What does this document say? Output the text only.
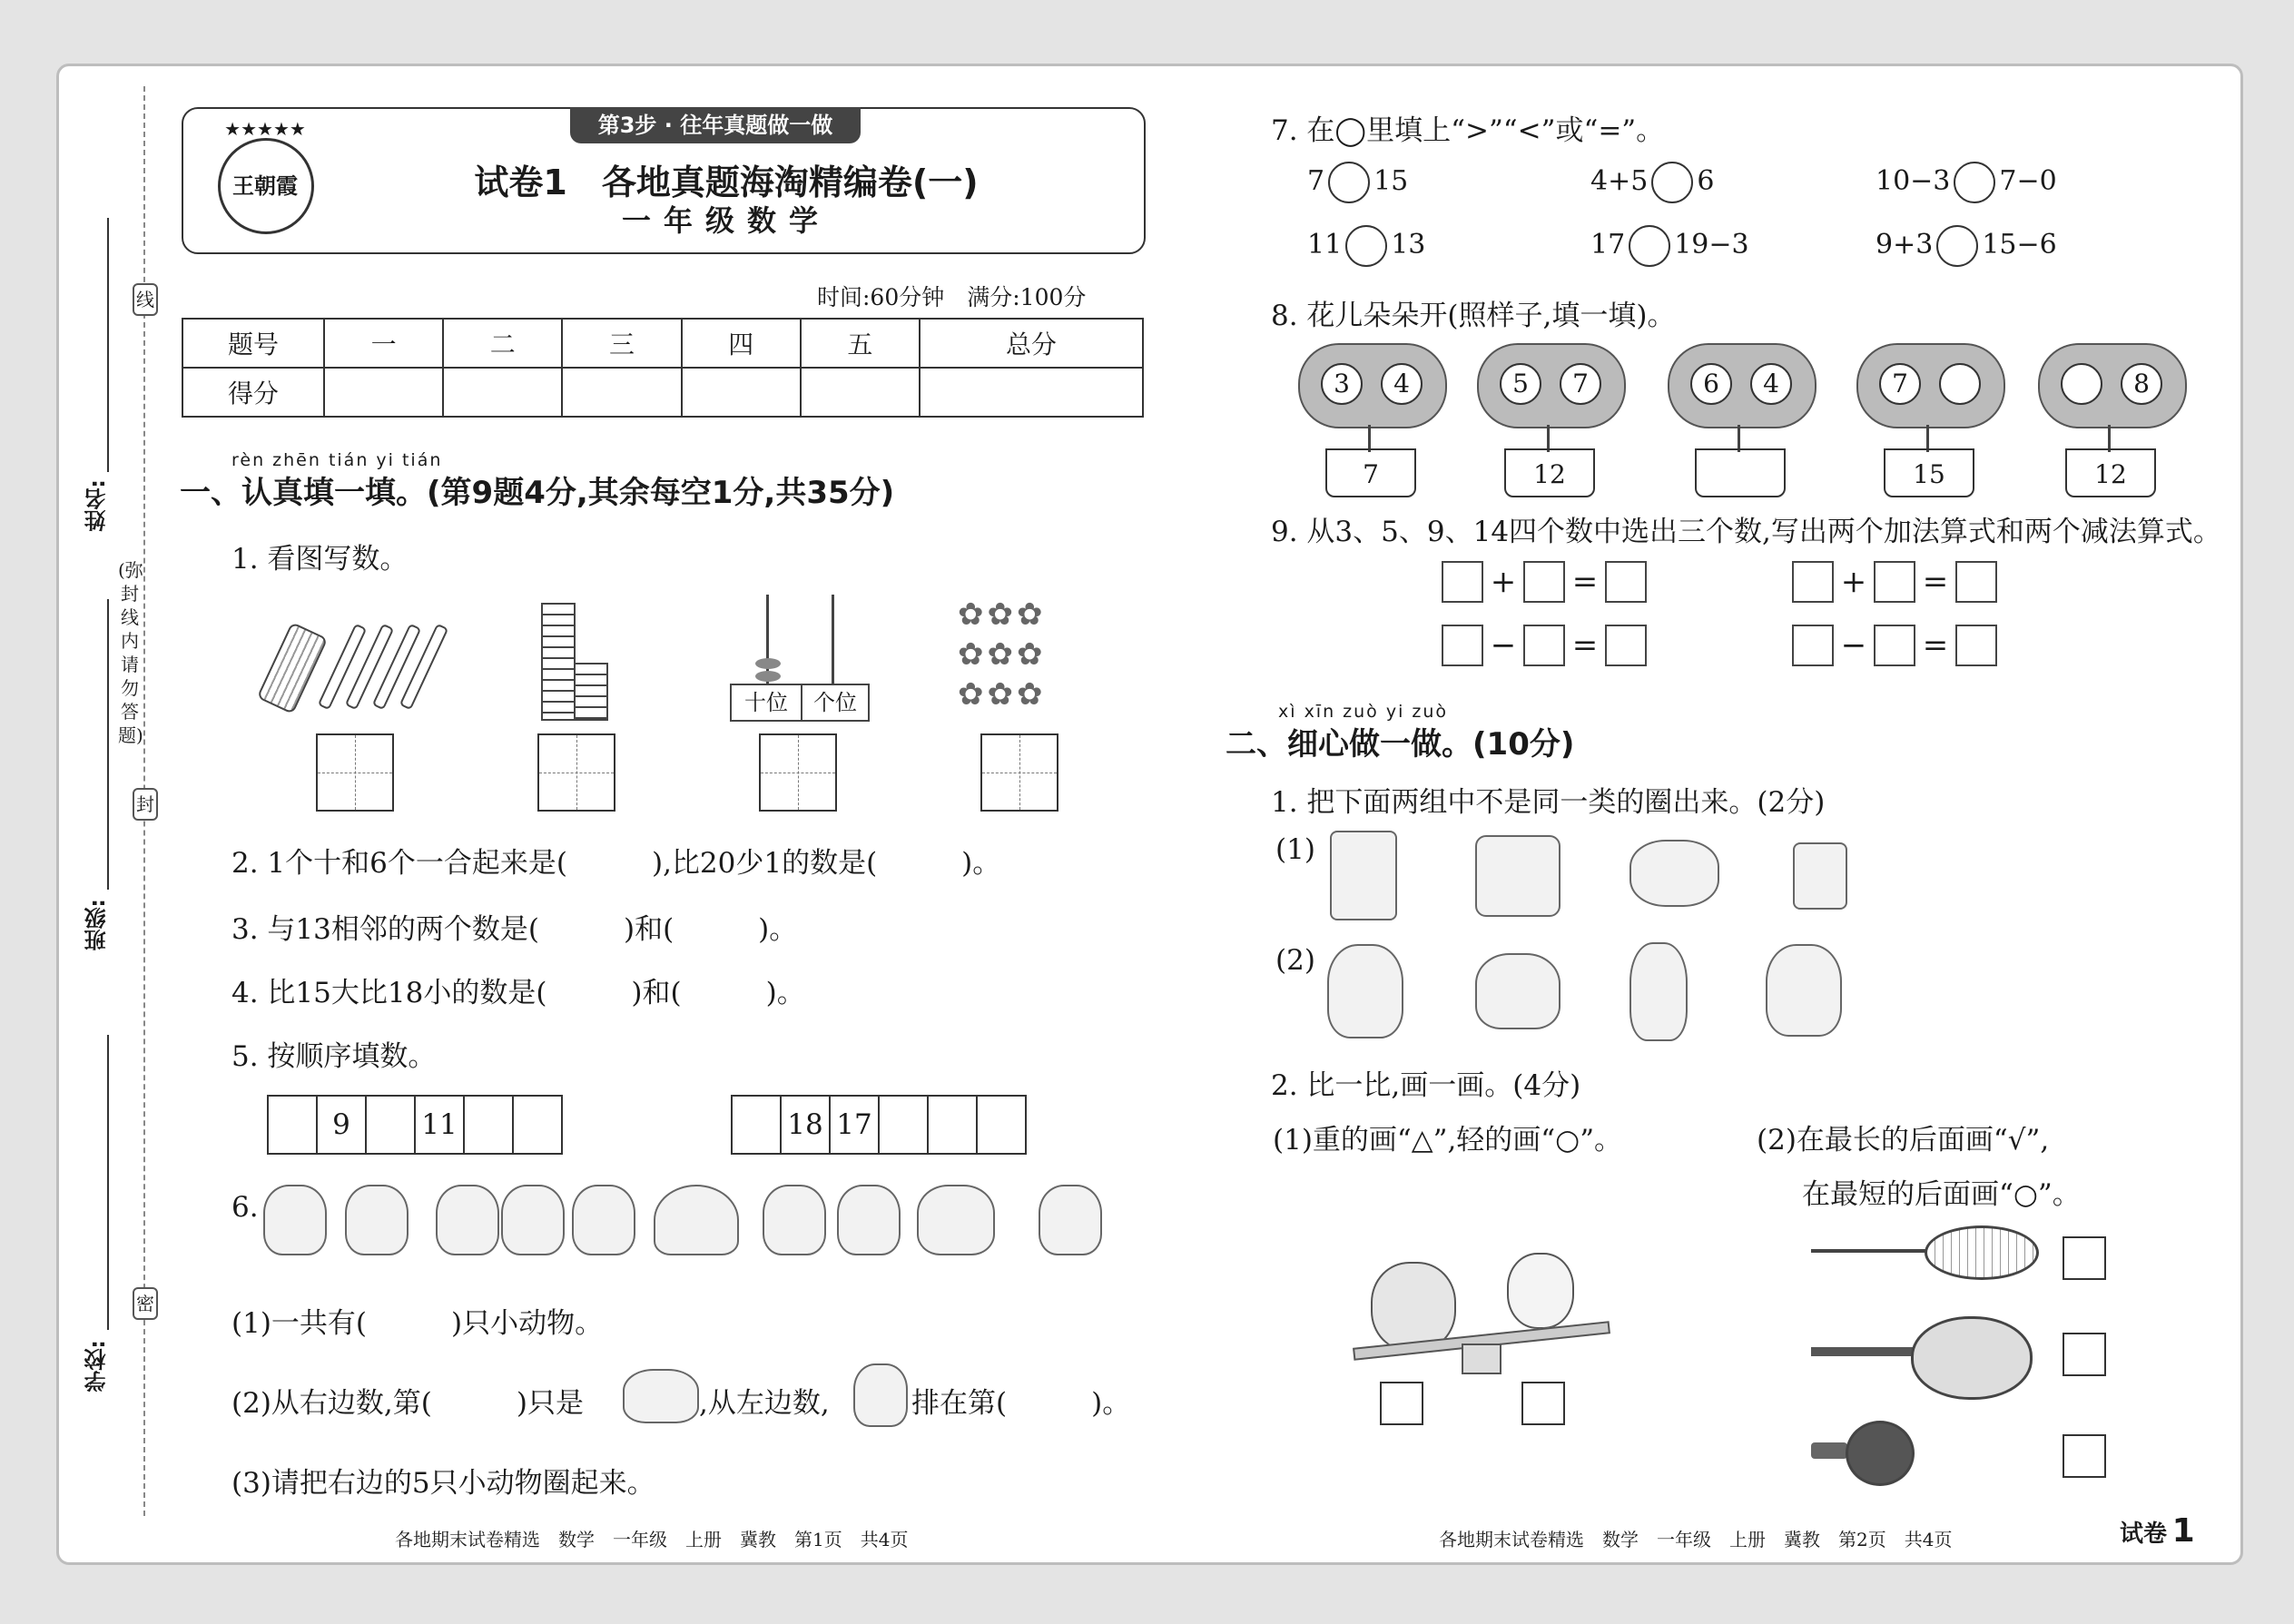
线
封
密
(弥封线内请勿答题)
姓名:
班级:
学校:
★★★★★
王朝霞
第3步 · 往年真题做一做
试卷1　各地真题海淘精编卷(一)
一年级数学
时间:60分钟　满分:100分
题号	一	二	三	四	五	总分
得分						
rèn zhēn tián yi tián
一、认真填一填。(第9题4分,其余每空1分,共35分)
1. 看图写数。
十位	个位
✿✿✿
✿✿✿
✿✿✿
2. 1个十和6个一合起来是(　　　),比20少1的数是(　　　)。
3. 与13相邻的两个数是(　　　)和(　　　)。
4. 比15大比18小的数是(　　　)和(　　　)。
5. 按顺序填数。
9	11	18 17
6.
(1)一共有(　　　)只小动物。
(2)从右边数,第(　　　)只是	,从左边数,	排在第(　　　)。
(3)请把右边的5只小动物圈起来。
各地期末试卷精选　数学　一年级　上册　冀教　第1页　共4页
7. 在◯里填上“>”“<”或“=”。
7 15	4+5 6	10−3 7−0
11 13	17 19−3	9+3 15−6
8. 花儿朵朵开(照样子,填一填)。
3	4
7
5	7
12
6	4	7
15
8
12
9. 从3、5、9、14四个数中选出三个数,写出两个加法算式和两个减法算式。
+ =	+ =
− =	− =
xì xīn zuò yi zuò
二、细心做一做。(10分)
1. 把下面两组中不是同一类的圈出来。(2分)
(1)
(2)
2. 比一比,画一画。(4分)
(1)重的画“△”,轻的画“○”。	(2)在最长的后面画“√”,
在最短的后面画“○”。
各地期末试卷精选　数学　一年级　上册　冀教　第2页　共4页	试卷 1
